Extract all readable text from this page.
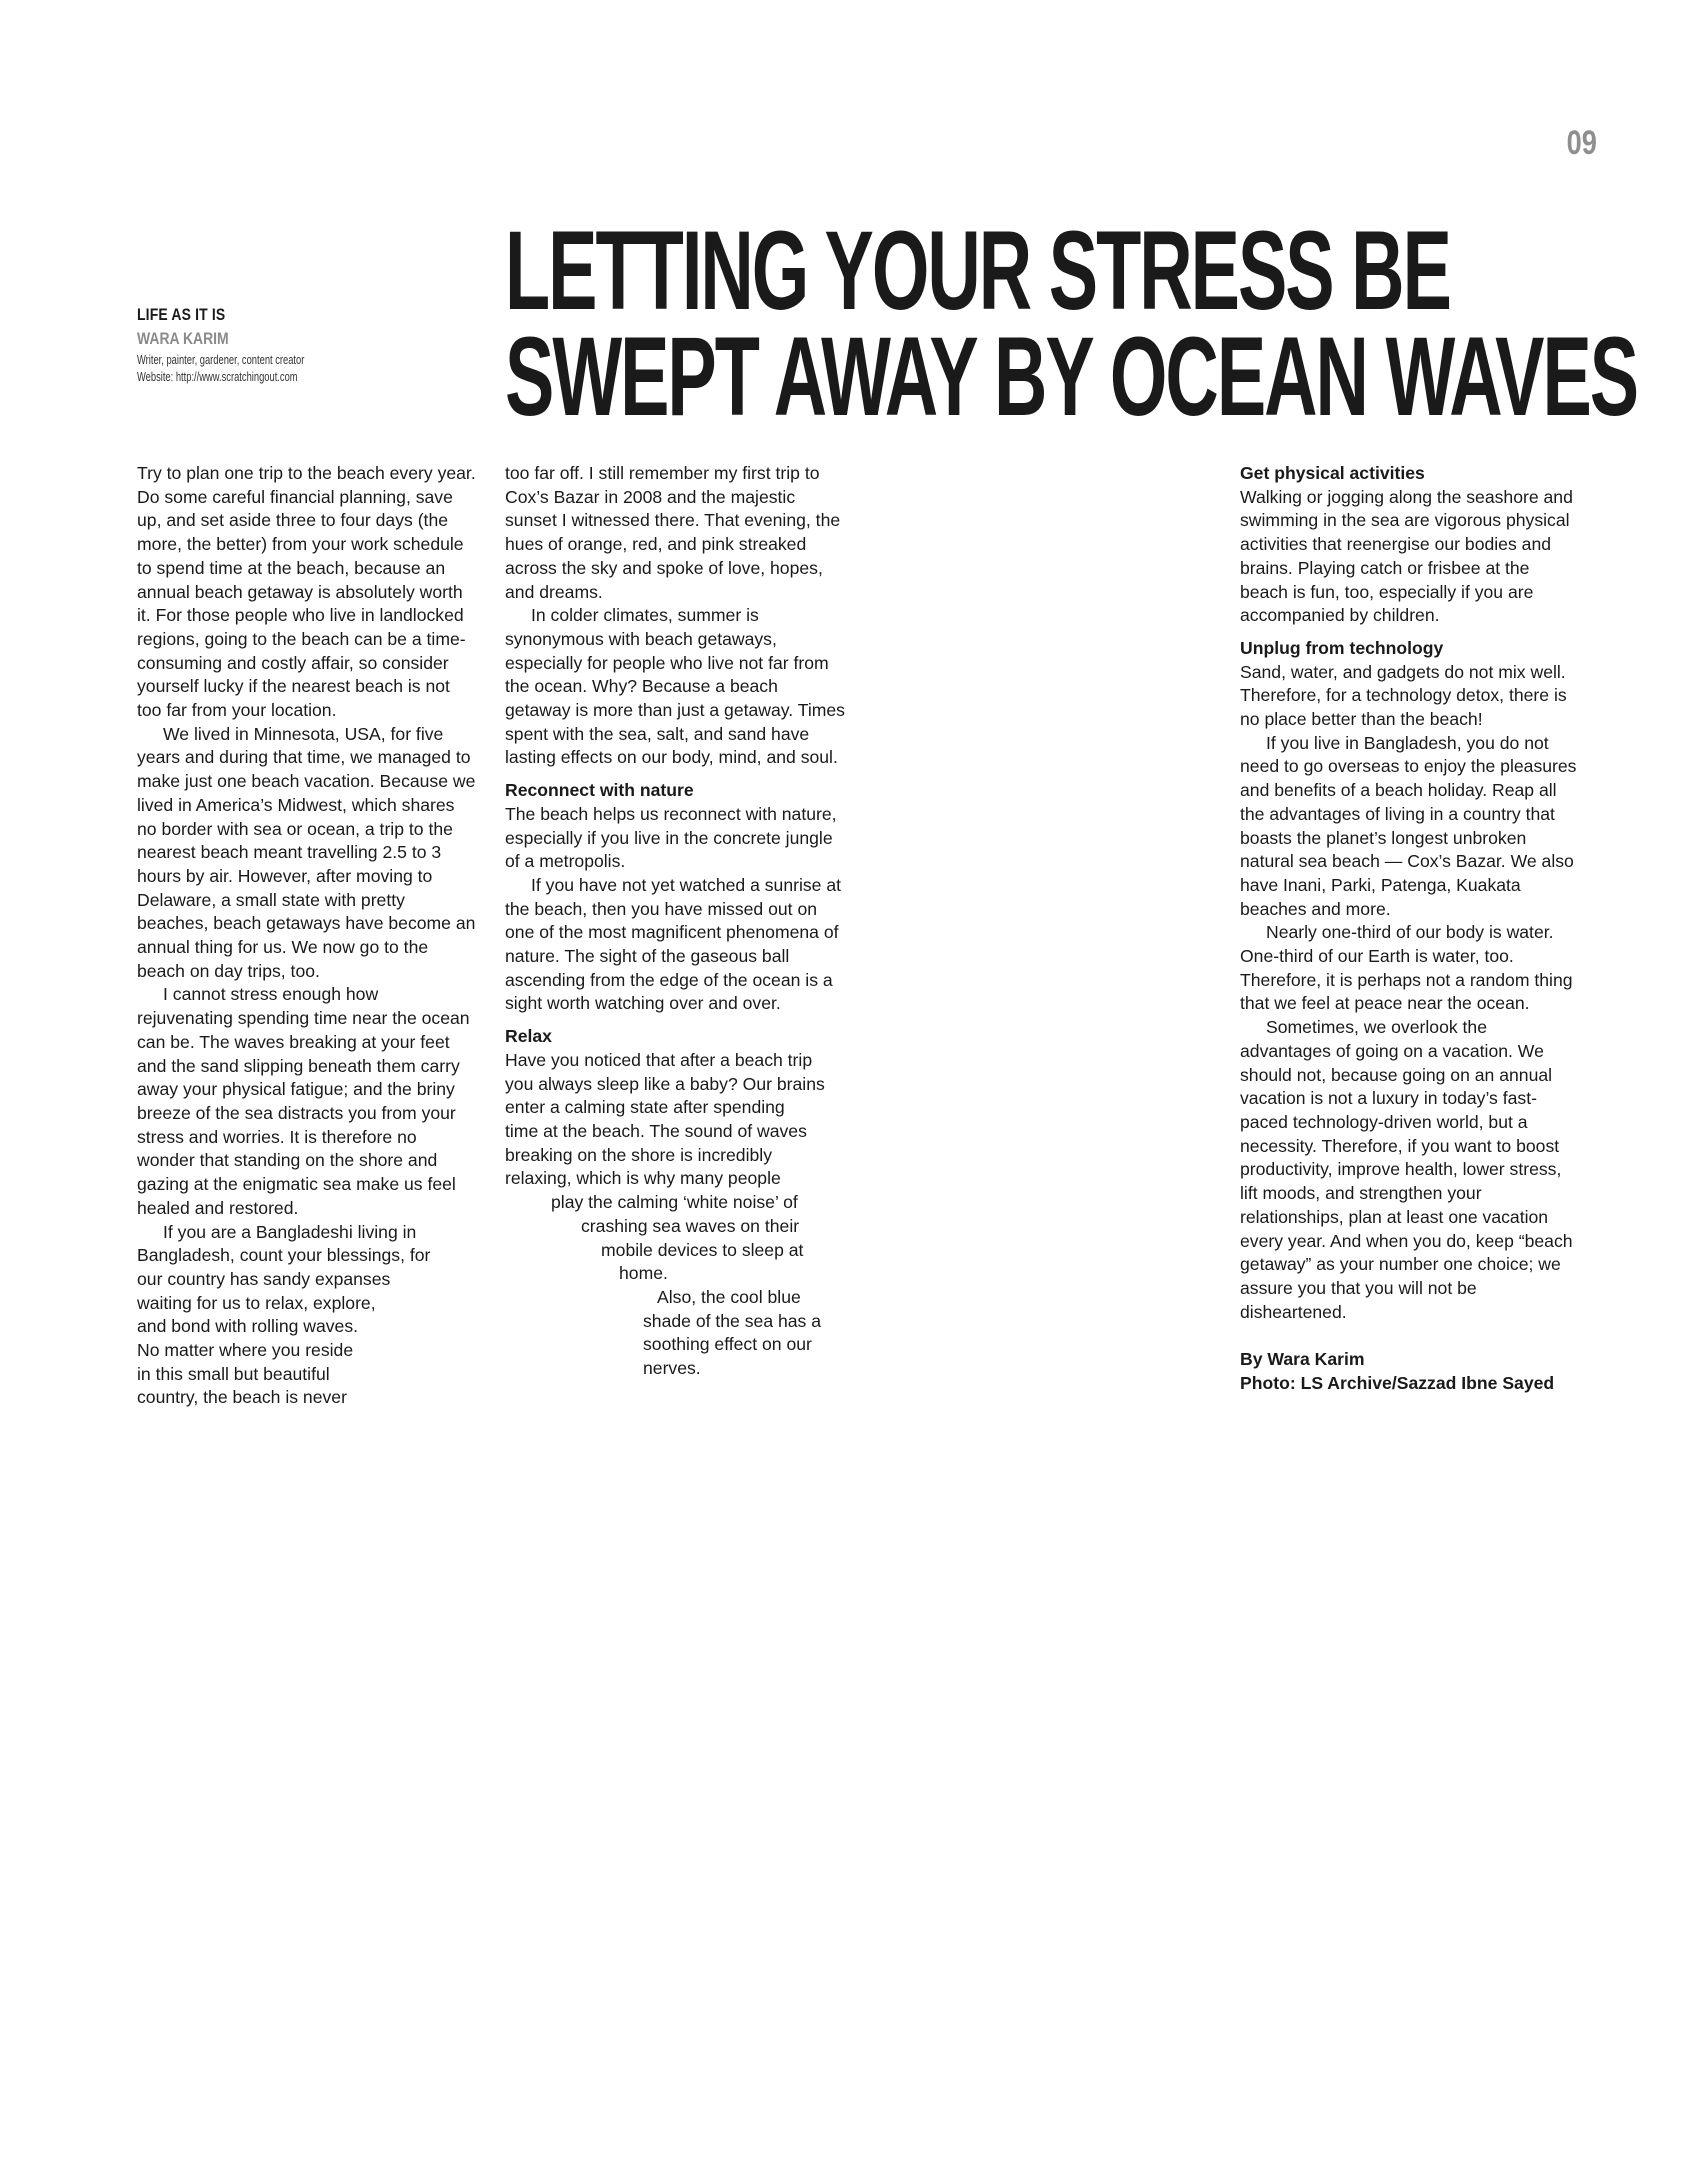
09
LIFE AS IT IS
WARA KARIM
Writer, painter, gardener, content creator
Website: http://www.scratchingout.com
LETTING YOUR STRESS BE
SWEPT AWAY BY OCEAN WAVES

Try to plan one trip to the beach every year. Do some careful financial planning, save up, and set aside three to four days (the more, the better) from your work schedule to spend time at the beach, because an annual beach getaway is absolutely worth it. For those people who live in landlocked regions, going to the beach can be a time-consuming and costly affair, so consider yourself lucky if the nearest beach is not too far from your location.

We lived in Minnesota, USA, for five years and during that time, we managed to make just one beach vacation. Because we lived in America’s Midwest, which shares no border with sea or ocean, a trip to the nearest beach meant travelling 2.5 to 3 hours by air. However, after moving to Delaware, a small state with pretty beaches, beach getaways have become an annual thing for us. We now go to the beach on day trips, too.

I cannot stress enough how rejuvenating spending time near the ocean can be. The waves breaking at your feet and the sand slipping beneath them carry away your physical fatigue; and the briny breeze of the sea distracts you from your stress and worries. It is therefore no wonder that standing on the shore and gazing at the enigmatic sea make us feel healed and restored.

If you are a Bangladeshi living in
Bangladesh, count your blessings, for
our country has sandy expanses
waiting for us to relax, explore,
and bond with rolling waves.
No matter where you reside
in this small but beautiful
country, the beach is never

too far off. I still remember my first trip to Cox’s Bazar in 2008 and the majestic sunset I witnessed there. That evening, the hues of orange, red, and pink streaked across the sky and spoke of love, hopes, and dreams.

In colder climates, summer is synonymous with beach getaways, especially for people who live not far from the ocean. Why? Because a beach getaway is more than just a getaway. Times spent with the sea, salt, and sand have lasting effects on our body, mind, and soul.

Reconnect with nature

The beach helps us reconnect with nature, especially if you live in the concrete jungle of a metropolis.

If you have not yet watched a sunrise at the beach, then you have missed out on one of the most magnificent phenomena of nature. The sight of the gaseous ball ascending from the edge of the ocean is a sight worth watching over and over.

Relax

Have you noticed that after a beach trip
you always sleep like a baby? Our brains
enter a calming state after spending
time at the beach. The sound of waves
breaking on the shore is incredibly
relaxing, which is why many people
play the calming ‘white noise’ of
crashing sea waves on their
mobile devices to sleep at
home.

Also, the cool blue
shade of the sea has a
soothing effect on our
nerves.

Get physical activities

Walking or jogging along the seashore and swimming in the sea are vigorous physical activities that reenergise our bodies and brains. Playing catch or frisbee at the beach is fun, too, especially if you are accompanied by children.

Unplug from technology

Sand, water, and gadgets do not mix well. Therefore, for a technology detox, there is no place better than the beach!

If you live in Bangladesh, you do not need to go overseas to enjoy the pleasures and benefits of a beach holiday. Reap all the advantages of living in a country that boasts the planet’s longest unbroken natural sea beach — Cox’s Bazar. We also have Inani, Parki, Patenga, Kuakata beaches and more.

Nearly one-third of our body is water. One-third of our Earth is water, too. Therefore, it is perhaps not a random thing that we feel at peace near the ocean.

Sometimes, we overlook the advantages of going on a vacation. We should not, because going on an annual vacation is not a luxury in today’s fast-paced technology-driven world, but a necessity. Therefore, if you want to boost productivity, improve health, lower stress, lift moods, and strengthen your relationships, plan at least one vacation every year. And when you do, keep “beach getaway” as your number one choice; we assure you that you will not be disheartened.

By Wara Karim

Photo: LS Archive/Sazzad Ibne Sayed
